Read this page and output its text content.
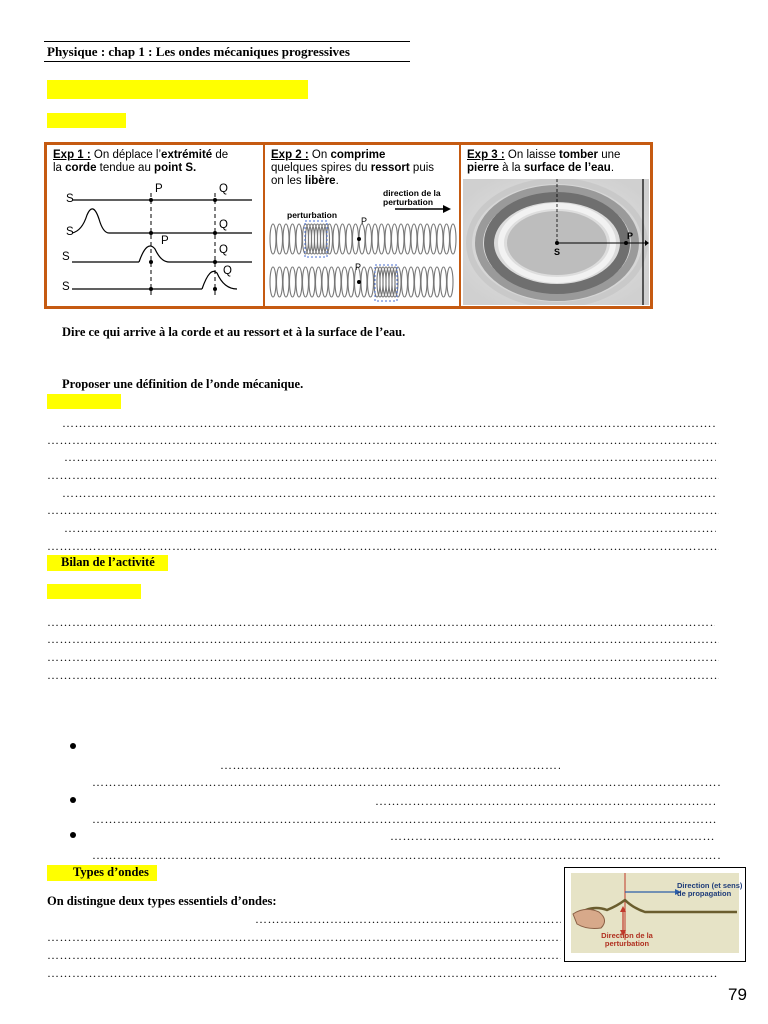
Physique : chap 1 : Les ondes mécaniques progressives
Exp 1 : On déplace l’extrémité de
la corde tendue au point S.
S
S
S
S
P	Q
Q
P
Q
Q
Exp 2 : On comprime
quelques spires du ressort puis
on les libère.
perturbation
direction de la perturbation
P
P
Exp 3 : On laisse tomber une
pierre à la surface de l’eau.
S
P
Dire ce qui arrive à la corde et au ressort et à la surface de l’eau.
Proposer une définition de l’onde mécanique.
…………………………………………………………………………………………………………………………………………………………………………………
…………………………………………………………………………………………………………………………………………………………………………………
…………………………………………………………………………………………………………………………………………………………………………………
…………………………………………………………………………………………………………………………………………………………………………………
…………………………………………………………………………………………………………………………………………………………………………………
…………………………………………………………………………………………………………………………………………………………………………………
…………………………………………………………………………………………………………………………………………………………………………………
…………………………………………………………………………………………………………………………………………………………………………………
Bilan de l’activité
…………………………………………………………………………………………………………………………………………………………………………………
…………………………………………………………………………………………………………………………………………………………………………………
…………………………………………………………………………………………………………………………………………………………………………………
…………………………………………………………………………………………………………………………………………………………………………………
………………………………………………………………………………………………………………
…………………………………………………………………………………………………………………………………………………………………………………
………………………………………………………………………………………………………………
…………………………………………………………………………………………………………………………………………………………………………………
………………………………………………………………………………………………………………
…………………………………………………………………………………………………………………………………………………………………………………
Types d’ondes
On distingue deux types essentiels d’ondes:
………………………………………………………………………………………………………………
…………………………………………………………………………………………………………………………………………………………………………………
…………………………………………………………………………………………………………………………………………………………………………………
…………………………………………………………………………………………………………………………………………………………………………………
Direction (et sens) de propagation
Direction de la perturbation
79
